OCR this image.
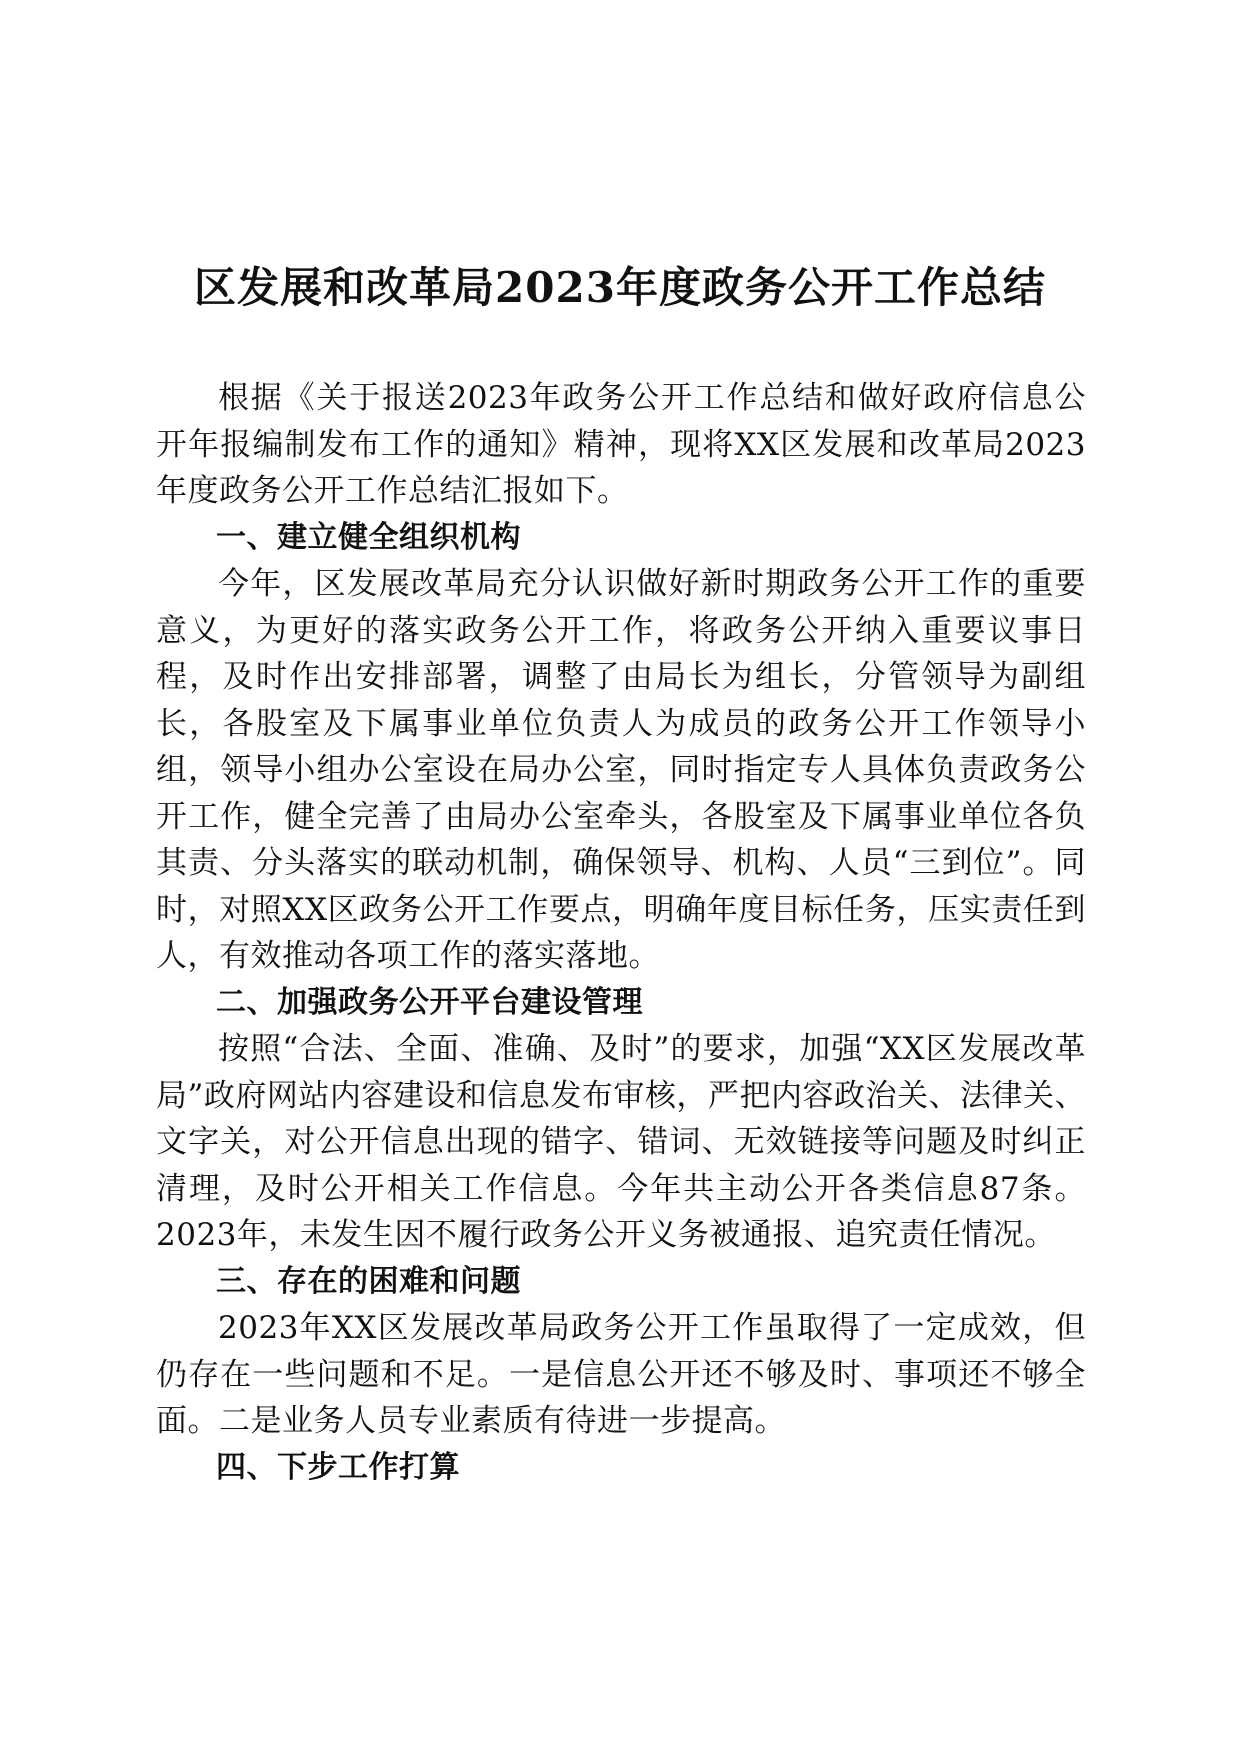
区发展和改革局2023年度政务公开工作总结

根据《关于报送2023年政务公开工作总结和做好政府信息公开年报编制发布工作的通知》精神，现将XX区发展和改革局2023年度政务公开工作总结汇报如下。

一、建立健全组织机构

今年，区发展改革局充分认识做好新时期政务公开工作的重要意义，为更好的落实政务公开工作，将政务公开纳入重要议事日程，及时作出安排部署，调整了由局长为组长，分管领导为副组长，各股室及下属事业单位负责人为成员的政务公开工作领导小组，领导小组办公室设在局办公室，同时指定专人具体负责政务公开工作，健全完善了由局办公室牵头，各股室及下属事业单位各负其责、分头落实的联动机制，确保领导、机构、人员“三到位”。同时，对照XX区政务公开工作要点，明确年度目标任务，压实责任到人，有效推动各项工作的落实落地。

二、加强政务公开平台建设管理

按照“合法、全面、准确、及时”的要求，加强“XX区发展改革局”政府网站内容建设和信息发布审核，严把内容政治关、法律关、文字关，对公开信息出现的错字、错词、无效链接等问题及时纠正清理，及时公开相关工作信息。今年共主动公开各类信息87条。2023年，未发生因不履行政务公开义务被通报、追究责任情况。

三、存在的困难和问题

2023年XX区发展改革局政务公开工作虽取得了一定成效，但仍存在一些问题和不足。一是信息公开还不够及时、事项还不够全面。二是业务人员专业素质有待进一步提高。

四、下步工作打算
